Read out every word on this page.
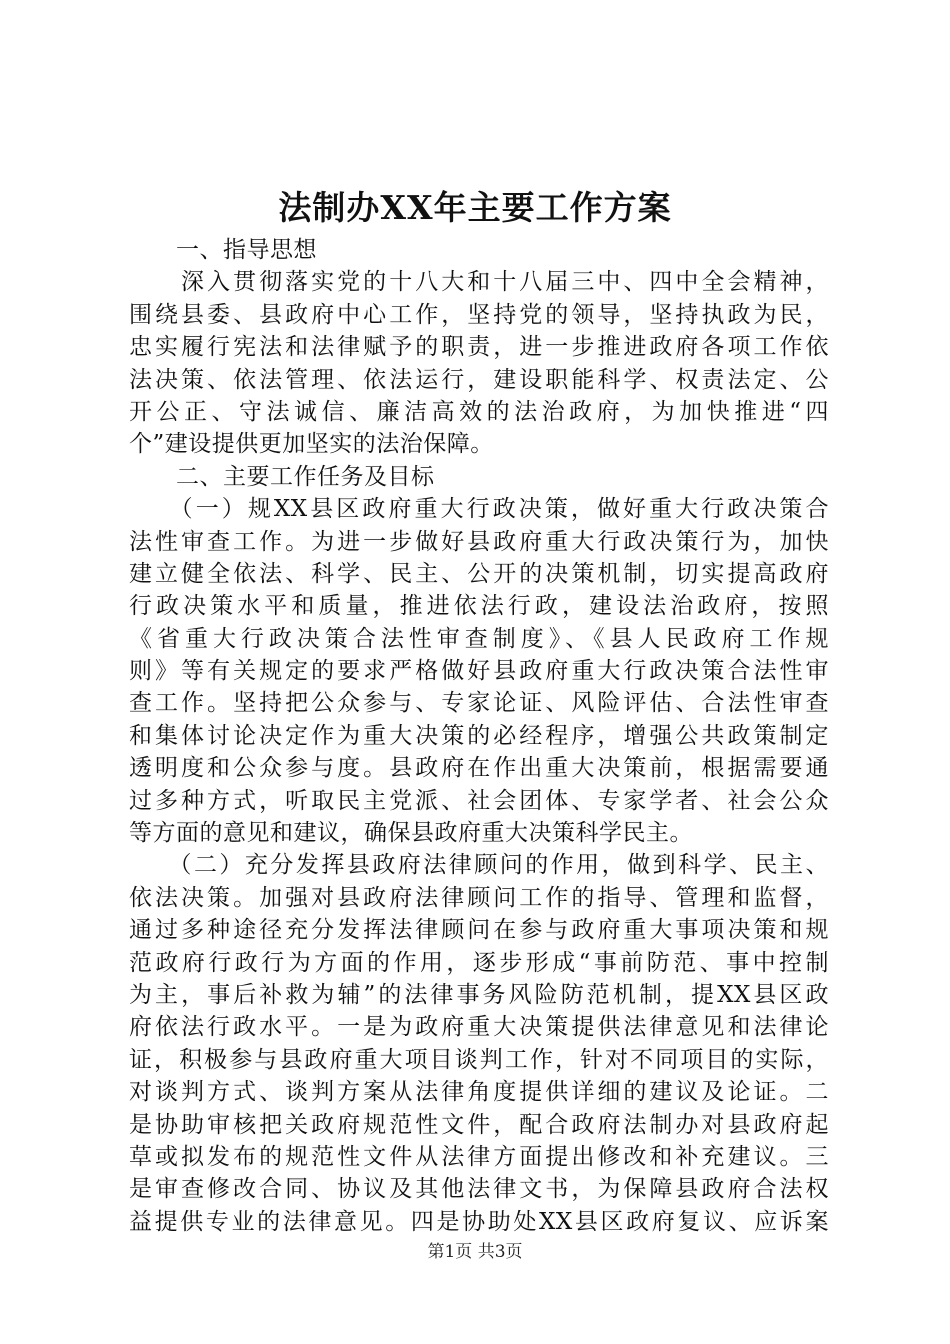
法制办XX年主要工作方案
　　一、指导思想
　　深入贯彻落实党的十八大和十八届三中、四中全会精神，
围绕县委、县政府中心工作，坚持党的领导，坚持执政为民，
忠实履行宪法和法律赋予的职责，进一步推进政府各项工作依
法决策、依法管理、依法运行，建设职能科学、权责法定、公
开公正、守法诚信、廉洁高效的法治政府，为加快推进“四
个”建设提供更加坚实的法治保障。
　　二、主要工作任务及目标
　　（一）规XX县区政府重大行政决策，做好重大行政决策合
法性审查工作。为进一步做好县政府重大行政决策行为，加快
建立健全依法、科学、民主、公开的决策机制，切实提高政府
行政决策水平和质量，推进依法行政，建设法治政府，按照
《省重大行政决策合法性审查制度》、《县人民政府工作规
则》等有关规定的要求严格做好县政府重大行政决策合法性审
查工作。坚持把公众参与、专家论证、风险评估、合法性审查
和集体讨论决定作为重大决策的必经程序，增强公共政策制定
透明度和公众参与度。县政府在作出重大决策前，根据需要通
过多种方式，听取民主党派、社会团体、专家学者、社会公众
等方面的意见和建议，确保县政府重大决策科学民主。
　　（二）充分发挥县政府法律顾问的作用，做到科学、民主、
依法决策。加强对县政府法律顾问工作的指导、管理和监督，
通过多种途径充分发挥法律顾问在参与政府重大事项决策和规
范政府行政行为方面的作用，逐步形成“事前防范、事中控制
为主，事后补救为辅”的法律事务风险防范机制，提XX县区政
府依法行政水平。一是为政府重大决策提供法律意见和法律论
证，积极参与县政府重大项目谈判工作，针对不同项目的实际，
对谈判方式、谈判方案从法律角度提供详细的建议及论证。二
是协助审核把关政府规范性文件，配合政府法制办对县政府起
草或拟发布的规范性文件从法律方面提出修改和补充建议。三
是审查修改合同、协议及其他法律文书，为保障县政府合法权
益提供专业的法律意见。四是协助处XX县区政府复议、应诉案
第1页 共3页
